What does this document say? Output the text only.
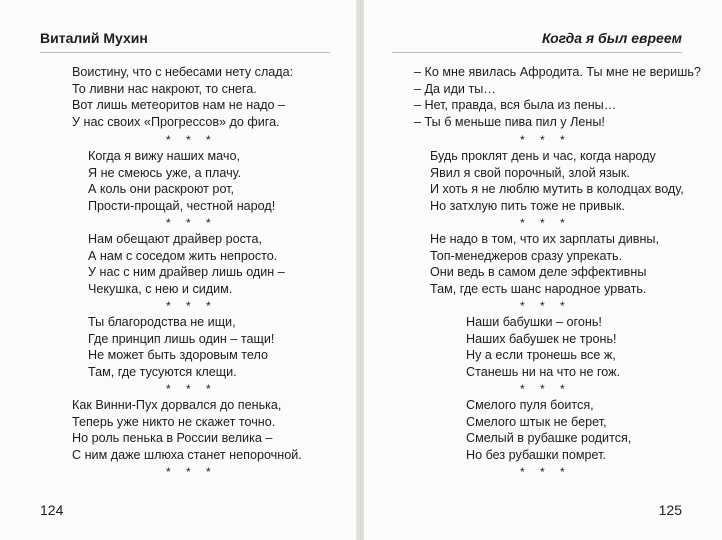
Виталий Мухин
Воистину, что с небесами нету слада:
То ливни нас накроют, то снега.
Вот лишь метеоритов нам не надо –
У нас своих «Прогрессов» до фига.
* * *
Когда я вижу наших мачо,
Я не смеюсь уже, а плачу.
А коль они раскроют рот,
Прости-прощай, честной народ!
* * *
Нам обещают драйвер роста,
А нам с соседом жить непросто.
У нас с ним драйвер лишь один –
Чекушка, с нею и сидим.
* * *
Ты благородства не ищи,
Где принцип лишь один – тащи!
Не может быть здоровым тело
Там, где тусуются клещи.
* * *
Как Винни-Пух дорвался до пенька,
Теперь уже никто не скажет точно.
Но роль пенька в России велика –
С ним даже шлюха станет непорочной.
* * *
124
Когда я был евреем
– Ко мне явилась Афродита. Ты мне не веришь?
– Да иди ты…
– Нет, правда, вся была из пены…
– Ты б меньше пива пил у Лены!
* * *
Будь проклят день и час, когда народу
Явил я свой порочный, злой язык.
И хоть я не люблю мутить в колодцах воду,
Но затхлую пить тоже не привык.
* * *
Не надо в том, что их зарплаты дивны,
Топ-менеджеров сразу упрекать.
Они ведь в самом деле эффективны
Там, где есть шанс народное урвать.
* * *
Наши бабушки – огонь!
Наших бабушек не тронь!
Ну а если тронешь все ж,
Станешь ни на что не гож.
* * *
Смелого пуля боится,
Смелого штык не берет,
Смелый в рубашке родится,
Но без рубашки помрет.
* * *
125
